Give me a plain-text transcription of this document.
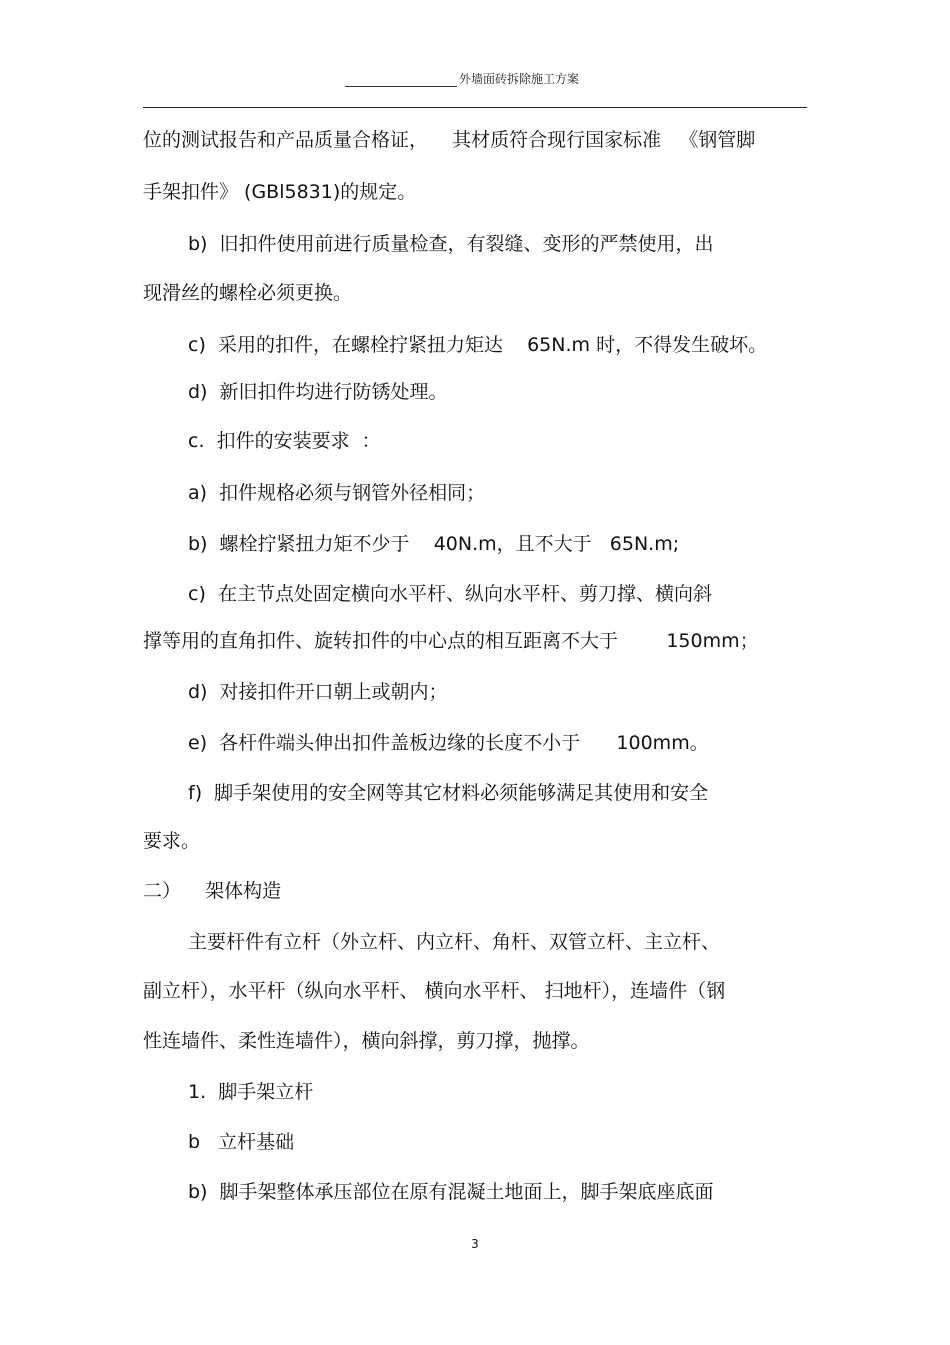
外墙面砖拆除施工方案
位的测试报告和产品质量合格证，    其材质符合现行国家标准   《钢管脚
手架扣件》 (GBl5831)的规定。
b)  旧扣件使用前进行质量检查，有裂缝、变形的严禁使用，出
现滑丝的螺栓必须更换。
c)  采用的扣件，在螺栓拧紧扭力矩达    65N.m 时，不得发生破坏。
d)  新旧扣件均进行防锈处理。
c.  扣件的安装要求  ：
a)  扣件规格必须与钢管外径相同；
b)  螺栓拧紧扭力矩不少于    40N.m，且不大于   65N.m;
c)  在主节点处固定横向水平杆、纵向水平杆、剪刀撑、横向斜
撑等用的直角扣件、旋转扣件的中心点的相互距离不大于        150mm；
d)  对接扣件开口朝上或朝内；
e)  各杆件端头伸出扣件盖板边缘的长度不小于      100mm。
f)  脚手架使用的安全网等其它材料必须能够满足其使用和安全
要求。
二）    架体构造
主要杆件有立杆（外立杆、内立杆、角杆、双管立杆、主立杆、
副立杆），水平杆（纵向水平杆、 横向水平杆、 扫地杆），连墙件（钢
性连墙件、柔性连墙件），横向斜撑，剪刀撑，抛撑。
1.  脚手架立杆
b   立杆基础
b)  脚手架整体承压部位在原有混凝土地面上，脚手架底座底面
3
